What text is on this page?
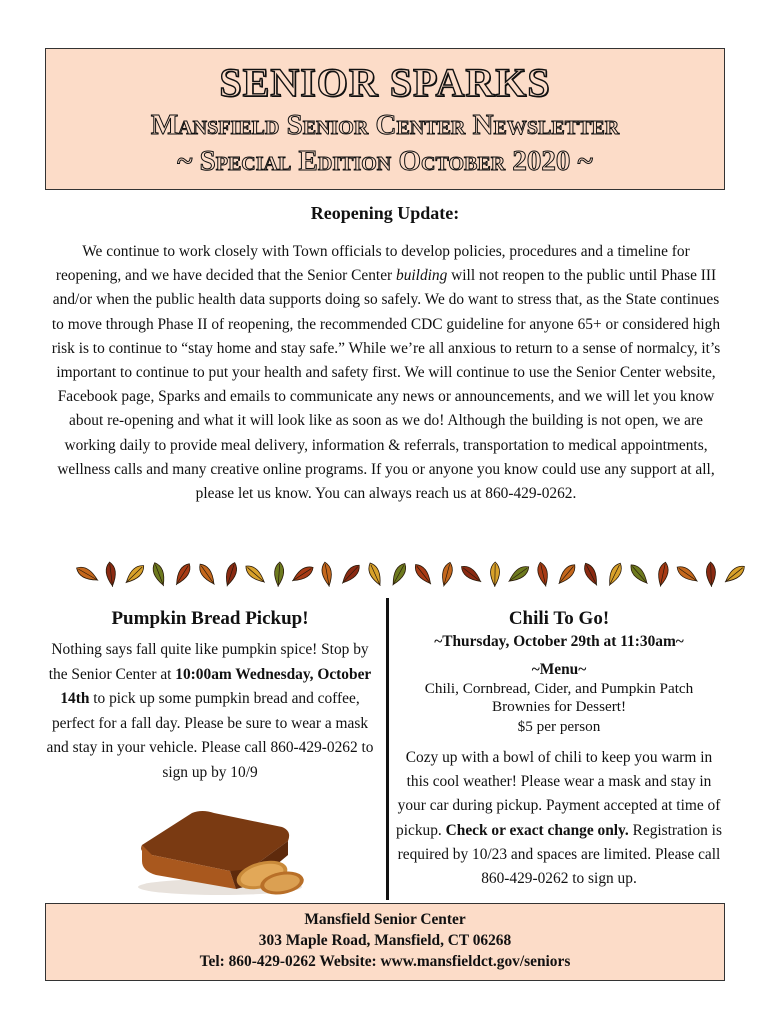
SENIOR SPARKS
Mansfield Senior Center Newsletter
~ Special Edition October 2020 ~
Reopening Update:
We continue to work closely with Town officials to develop policies, procedures and a timeline for reopening, and we have decided that the Senior Center building will not reopen to the public until Phase III and/or when the public health data supports doing so safely. We do want to stress that, as the State continues to move through Phase II of reopening, the recommended CDC guideline for anyone 65+ or considered high risk is to continue to “stay home and stay safe.” While we’re all anxious to return to a sense of normalcy, it’s important to continue to put your health and safety first. We will continue to use the Senior Center website, Facebook page, Sparks and emails to communicate any news or announcements, and we will let you know about re-opening and what it will look like as soon as we do! Although the building is not open, we are working daily to provide meal delivery, information & referrals, transportation to medical appointments, wellness calls and many creative online programs. If you or anyone you know could use any support at all, please let us know. You can always reach us at 860-429-0262.
Pumpkin Bread Pickup!

Nothing says fall quite like pumpkin spice! Stop by the Senior Center at 10:00am Wednesday, October 14th to pick up some pumpkin bread and coffee, perfect for a fall day. Please be sure to wear a mask and stay in your vehicle. Please call 860-429-0262 to sign up by 10/9

Chili To Go!
~Thursday, October 29th at 11:30am~
~Menu~
Chili, Cornbread, Cider, and Pumpkin Patch Brownies for Dessert!
$5 per person

Cozy up with a bowl of chili to keep you warm in this cool weather! Please wear a mask and stay in your car during pickup. Payment accepted at time of pickup. Check or exact change only. Registration is required by 10/23 and spaces are limited. Please call 860-429-0262 to sign up.

Mansfield Senior Center
303 Maple Road, Mansfield, CT 06268
Tel: 860-429-0262 Website: www.mansfieldct.gov/seniors
